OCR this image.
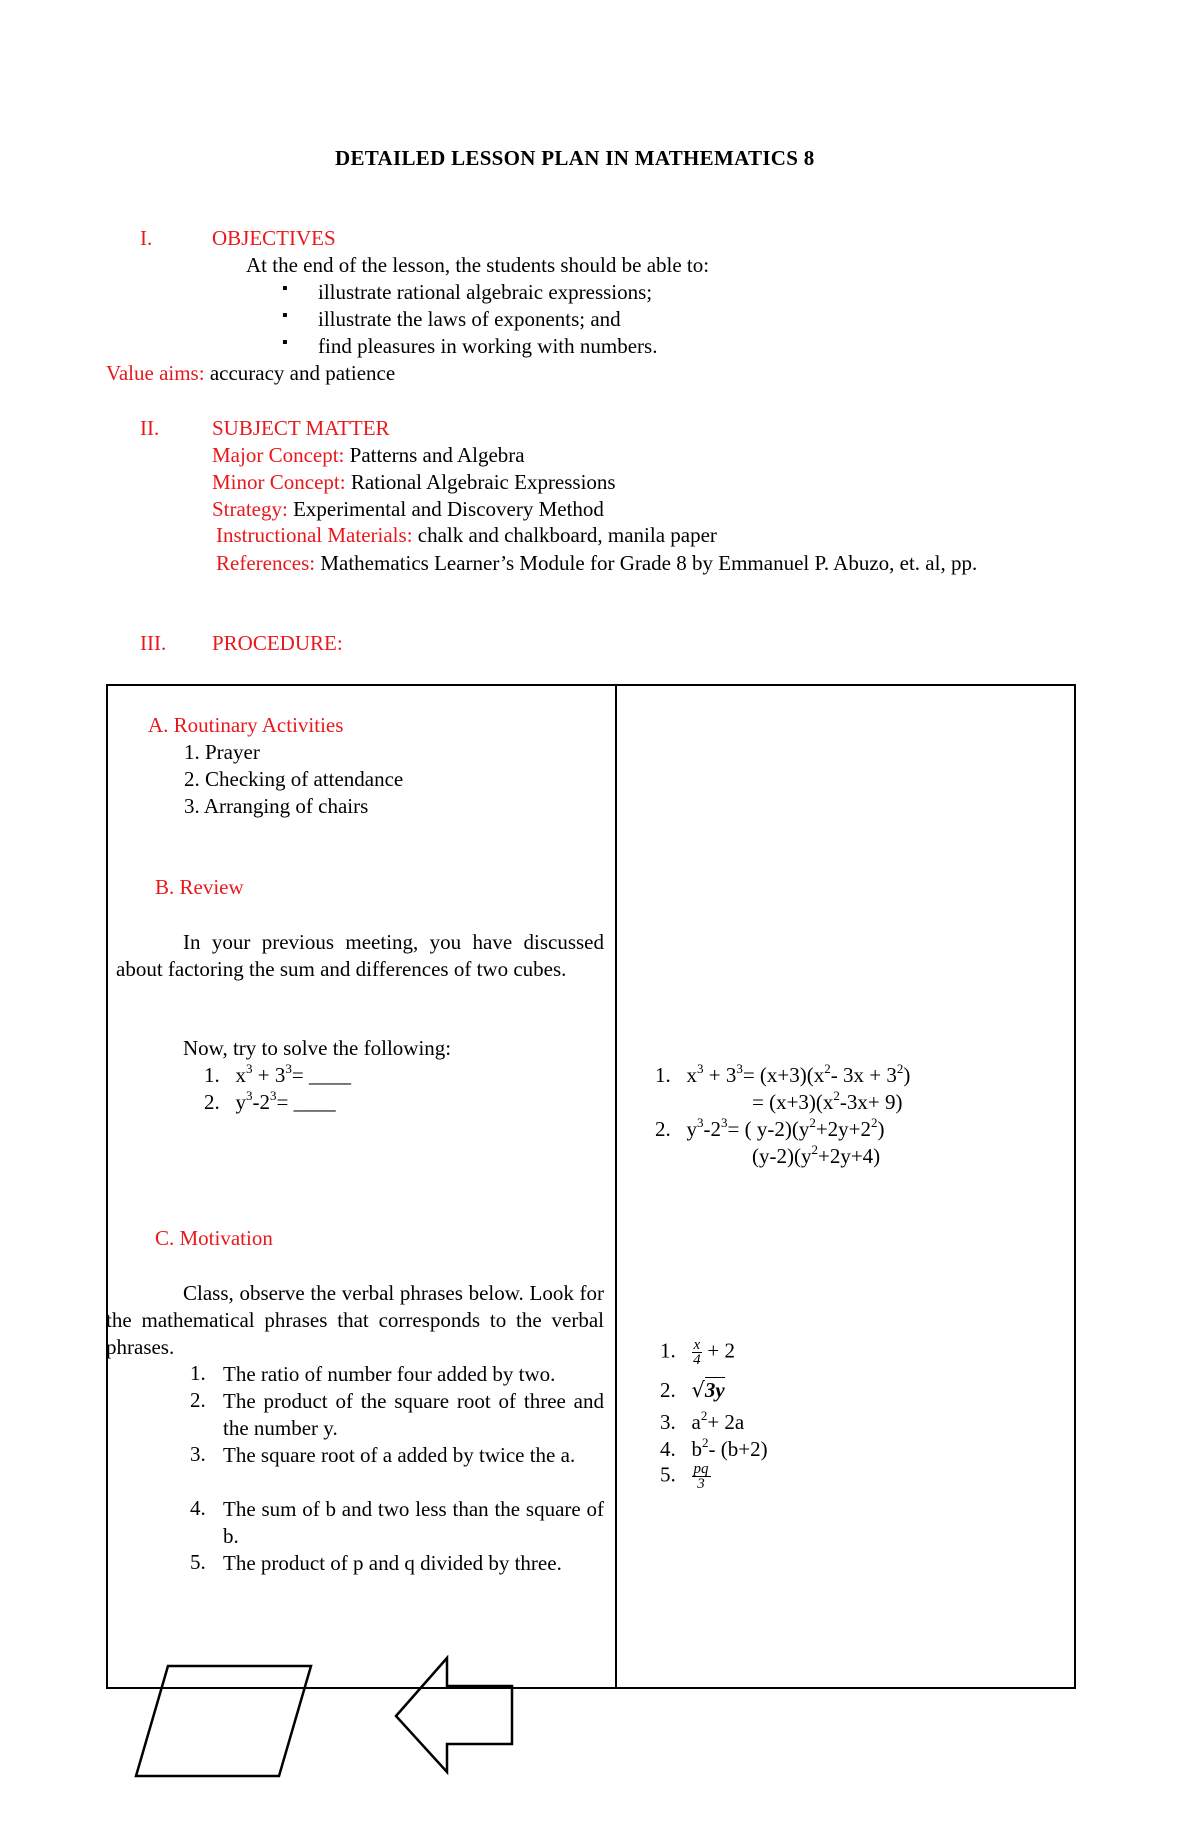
DETAILED LESSON PLAN IN MATHEMATICS 8
I.	OBJECTIVES
At the end of the lesson, the students should be able to:
▪ illustrate rational algebraic expressions;
▪ illustrate the laws of exponents; and
▪ find pleasures in working with numbers.
Value aims: accuracy and patience
II.	SUBJECT MATTER
Major Concept: Patterns and Algebra
Minor Concept: Rational Algebraic Expressions
Strategy: Experimental and Discovery Method
Instructional Materials: chalk and chalkboard, manila paper
References: Mathematics Learner’s Module for Grade 8 by Emmanuel P. Abuzo, et. al, pp.
III. PROCEDURE:
A. Routinary Activities
1. Prayer
2. Checking of attendance
3. Arranging of chairs
B. Review
In your previous meeting, you have discussed about factoring the sum and differences of two cubes.
Now, try to solve the following:
1.   $x^3 + 3^3=$ ____
2.   $y^3-2^3=$ ____
1.   $x^3 + 3^3= (x+3)(x^2-$ $3x + 3^2$)
= $(x+3)(x^2-3x+ 9)$
2.   $y^3-2^3=$ ( $y-2)(y^2+2y+2^2)$
$(y-2)(y^2+2y+4)$
C. Motivation
Class, observe the verbal phrases below. Look for the mathematical phrases that corresponds to the verbal phrases.
1. The ratio of number four added by two.
2. The product of the square root of three and the number y.
3. The square root of a added by twice the a.
4. The sum of b and two less than the square of b.
5. The product of p and q divided by three.
1. $\frac{x}{4} + 2$
2.   √3y
3.   $a^2+ 2a$
4.   $b^2-$ (b+2)
5. $\frac{pq}{3}$
